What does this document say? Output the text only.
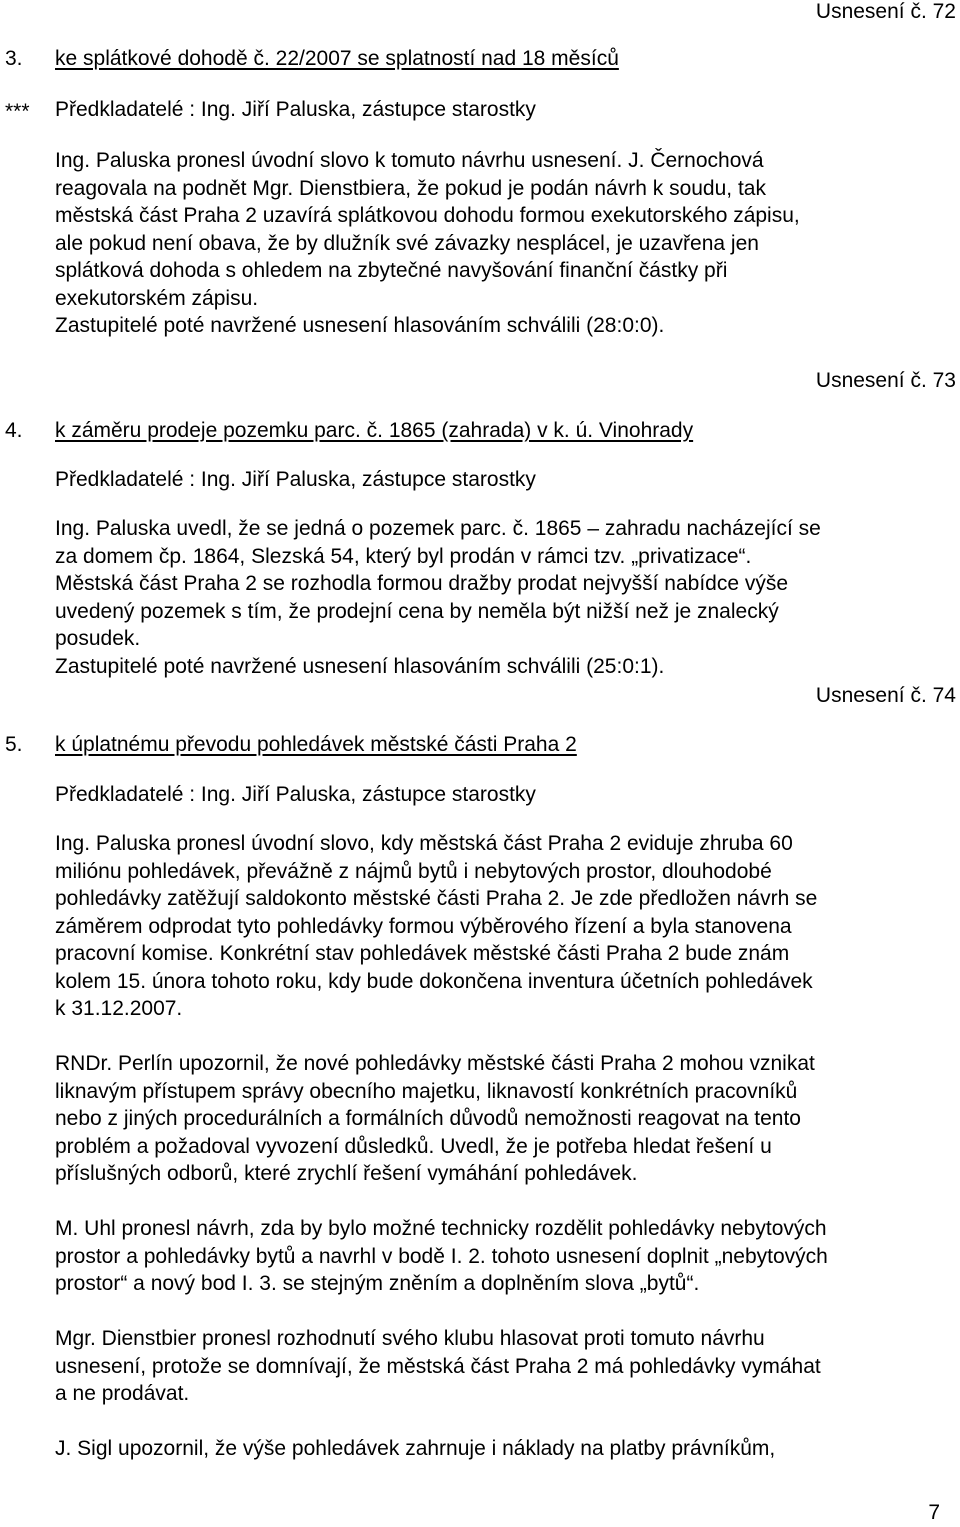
Usnesení č. 72
3. ke splátkové dohodě č. 22/2007 se splatností nad 18 měsíců
*** Předkladatelé : Ing. Jiří Paluska, zástupce starostky

Ing. Paluska pronesl úvodní slovo k tomuto návrhu usnesení. J. Černochová

reagovala na podnět Mgr. Dienstbiera, že pokud je podán návrh k soudu, tak

městská část Praha 2 uzavírá splátkovou dohodu formou exekutorského zápisu,

ale pokud není obava, že by dlužník své závazky nesplácel, je uzavřena jen

splátková dohoda s ohledem na zbytečné navyšování finanční částky při

exekutorském zápisu.

Zastupitelé poté navržené usnesení hlasováním schválili (28:0:0).

Usnesení č. 73
4. k záměru prodeje pozemku parc. č. 1865 (zahrada) v k. ú. Vinohrady
Předkladatelé : Ing. Jiří Paluska, zástupce starostky

Ing. Paluska uvedl, že se jedná o pozemek parc. č. 1865 – zahradu nacházející se

za domem čp. 1864, Slezská 54, který byl prodán v rámci tzv. „privatizace“.

Městská část Praha 2 se rozhodla formou dražby prodat nejvyšší nabídce výše

uvedený pozemek s tím, že prodejní cena by neměla být nižší než je znalecký

posudek.

Zastupitelé poté navržené usnesení hlasováním schválili (25:0:1).

Usnesení č. 74
5. k úplatnému převodu pohledávek městské části Praha 2
Předkladatelé : Ing. Jiří Paluska, zástupce starostky

Ing. Paluska pronesl úvodní slovo, kdy městská část Praha 2 eviduje zhruba 60

miliónu pohledávek, převážně z nájmů bytů i nebytových prostor, dlouhodobé

pohledávky zatěžují saldokonto městské části Praha 2. Je zde předložen návrh se

záměrem odprodat tyto pohledávky formou výběrového řízení a byla stanovena

pracovní komise. Konkrétní stav pohledávek městské části Praha 2 bude znám

kolem 15. února tohoto roku, kdy bude dokončena inventura účetních pohledávek

k 31.12.2007.

RNDr. Perlín upozornil, že nové pohledávky městské části Praha 2 mohou vznikat

liknavým přístupem správy obecního majetku, liknavostí konkrétních pracovníků

nebo z jiných procedurálních a formálních důvodů nemožnosti reagovat na tento

problém a požadoval vyvození důsledků. Uvedl, že je potřeba hledat řešení u

příslušných odborů, které zrychlí řešení vymáhání pohledávek.

M. Uhl pronesl návrh, zda by bylo možné technicky rozdělit pohledávky nebytových

prostor a pohledávky bytů a navrhl v bodě I. 2. tohoto usnesení doplnit „nebytových

prostor“ a nový bod I. 3. se stejným zněním a doplněním slova „bytů“.

Mgr. Dienstbier pronesl rozhodnutí svého klubu hlasovat proti tomuto návrhu

usnesení, protože se domnívají, že městská část Praha 2 má pohledávky vymáhat

a ne prodávat.

J. Sigl upozornil, že výše pohledávek zahrnuje i náklady na platby právníkům,

7
